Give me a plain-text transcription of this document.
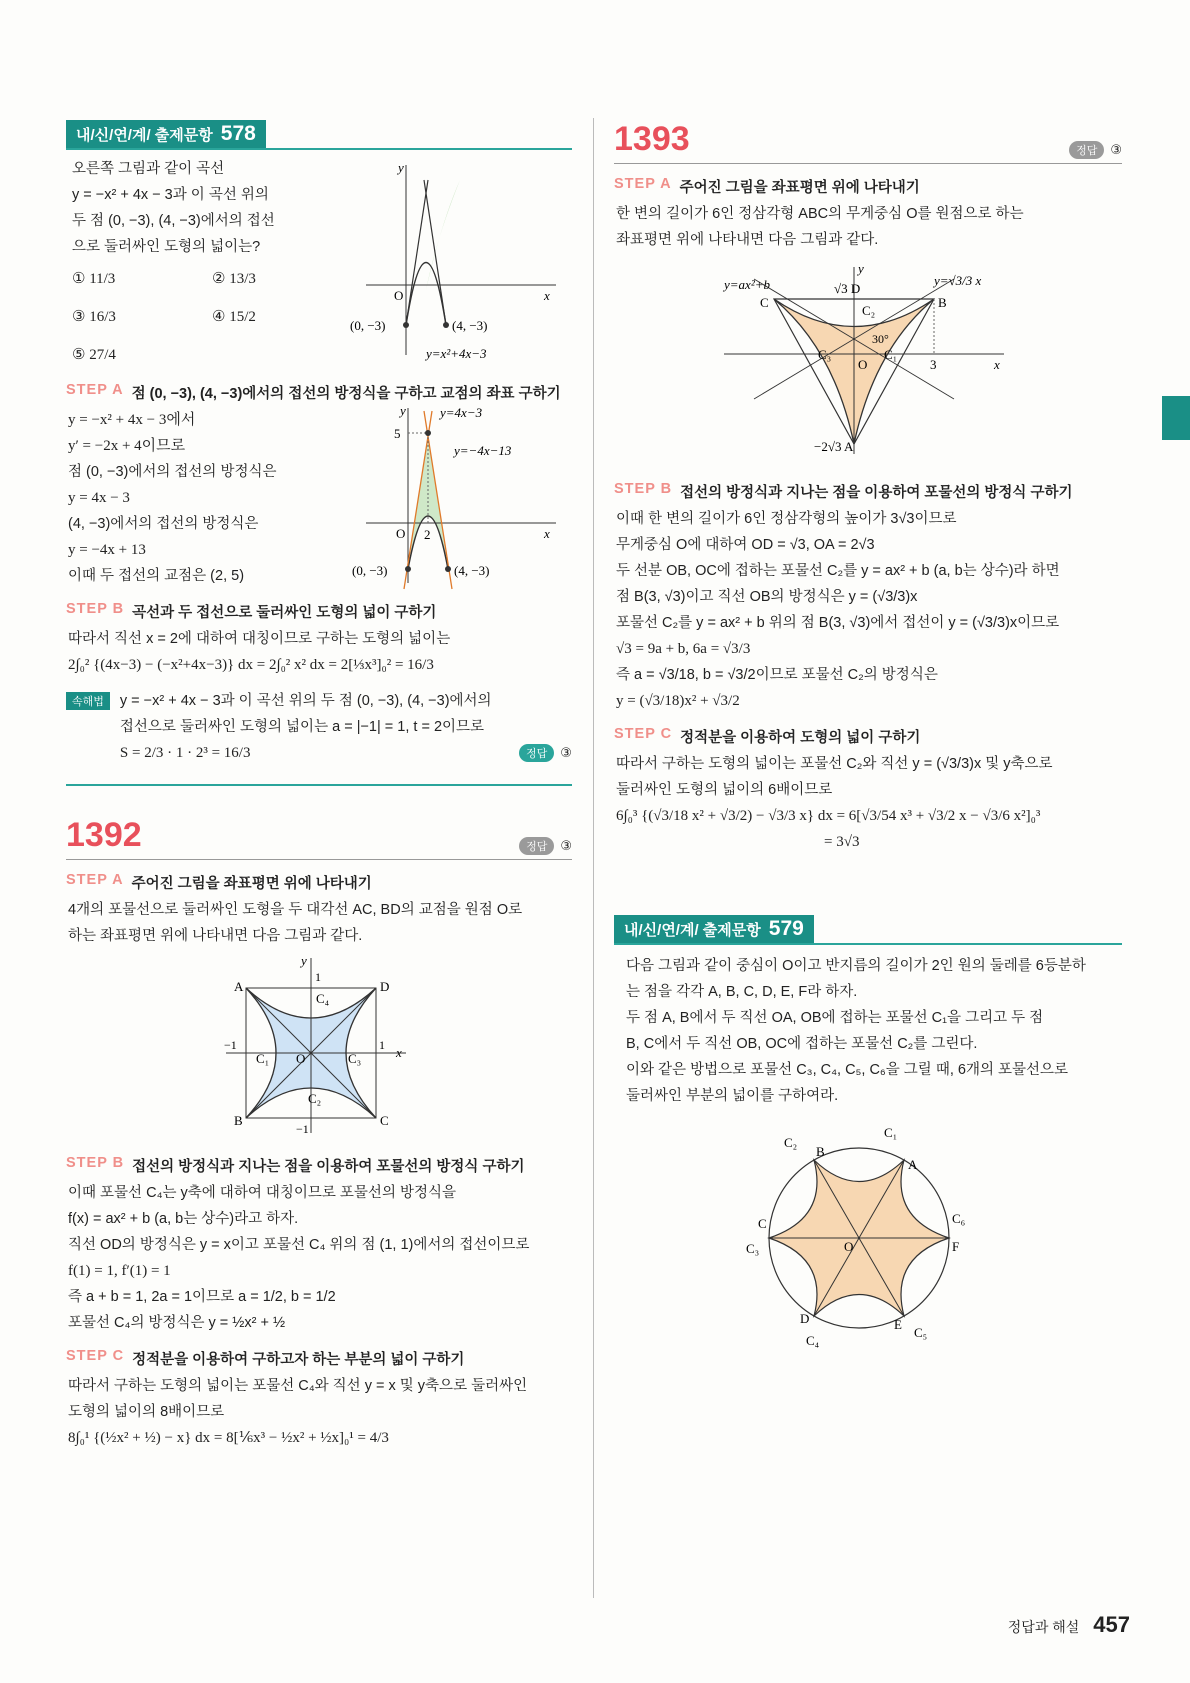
내/신/연/계/ 출제문항 578
오른쪽 그림과 같이 곡선
y = −x² + 4x − 3과 이 곡선 위의
두 점 (0, −3), (4, −3)에서의 접선
으로 둘러싸인 도형의 넓이는?
① 11/3	② 13/3
③ 16/3	④ 15/2
⑤ 27/4
y
x
O
(0, −3)	(4, −3)
y=x²+4x−3
STEP A 점 (0, −3), (4, −3)에서의 접선의 방정식을 구하고 교점의 좌표 구하기
y = −x² + 4x − 3에서
y′ = −2x + 4이므로
점 (0, −3)에서의 접선의 방정식은
y = 4x − 3
(4, −3)에서의 접선의 방정식은
y = −4x + 13
이때 두 접선의 교점은 (2, 5)
y
x
O
5
2
y=4x−3
y=−4x−13
(0, −3)	(4, −3)
STEP B 곡선과 두 접선으로 둘러싸인 도형의 넓이 구하기
따라서 직선 x = 2에 대하여 대칭이므로 구하는 도형의 넓이는
2∫₀² {(4x−3) − (−x²+4x−3)} dx = 2∫₀² x² dx = 2[⅓x³]₀² = 16/3
속해법	y = −x² + 4x − 3과 이 곡선 위의 두 점 (0, −3), (4, −3)에서의
접선으로 둘러싸인 도형의 넓이는 a = |−1| = 1, t = 2이므로
S = 2/3 · 1 · 2³ = 16/3	정답	③
1392	정답	③
STEP A 주어진 그림을 좌표평면 위에 나타내기
4개의 포물선으로 둘러싸인 도형을 두 대각선 AC, BD의 교점을 원점 O로
하는 좌표평면 위에 나타내면 다음 그림과 같다.
y
x
A
B	C
D
C₁
C₂
C₃
C₄
O
1
−1	1
−1
STEP B 접선의 방정식과 지나는 점을 이용하여 포물선의 방정식 구하기
이때 포물선 C₄는 y축에 대하여 대칭이므로 포물선의 방정식을
f(x) = ax² + b (a, b는 상수)라고 하자.
직선 OD의 방정식은 y = x이고 포물선 C₄ 위의 점 (1, 1)에서의 접선이므로
f(1) = 1, f′(1) = 1
즉 a + b = 1, 2a = 1이므로 a = 1/2, b = 1/2
포물선 C₄의 방정식은 y = ½x² + ½
STEP C 정적분을 이용하여 구하고자 하는 부분의 넓이 구하기
따라서 구하는 도형의 넓이는 포물선 C₄와 직선 y = x 및 y축으로 둘러싸인
도형의 넓이의 8배이므로
8∫₀¹ {(½x² + ½) − x} dx = 8[⅙x³ − ½x² + ½x]₀¹ = 4/3
1393	정답	③
STEP A 주어진 그림을 좌표평면 위에 나타내기
한 변의 길이가 6인 정삼각형 ABC의 무게중심 O를 원점으로 하는
좌표평면 위에 나타내면 다음 그림과 같다.
y
x
y=ax²+b	y=√3/3 x
√3 D
C	B
C₂
C₃	C₁
O
30°
3
−2√3 A
STEP B 접선의 방정식과 지나는 점을 이용하여 포물선의 방정식 구하기
이때 한 변의 길이가 6인 정삼각형의 높이가 3√3이므로
무게중심 O에 대하여 OD = √3, OA = 2√3
두 선분 OB, OC에 접하는 포물선 C₂를 y = ax² + b (a, b는 상수)라 하면
점 B(3, √3)이고 직선 OB의 방정식은 y = (√3/3)x
포물선 C₂를 y = ax² + b 위의 점 B(3, √3)에서 접선이 y = (√3/3)x이므로
√3 = 9a + b, 6a = √3/3
즉 a = √3/18, b = √3/2이므로 포물선 C₂의 방정식은
y = (√3/18)x² + √3/2
STEP C 정적분을 이용하여 도형의 넓이 구하기
따라서 구하는 도형의 넓이는 포물선 C₂와 직선 y = (√3/3)x 및 y축으로
둘러싸인 도형의 넓이의 6배이므로
6∫₀³ {(√3/18 x² + √3/2) − √3/3 x} dx = 6[√3/54 x³ + √3/2 x − √3/6 x²]₀³
= 3√3
내/신/연/계/ 출제문항 579
다음 그림과 같이 중심이 O이고 반지름의 길이가 2인 원의 둘레를 6등분하
는 점을 각각 A, B, C, D, E, F라 하자.
두 점 A, B에서 두 직선 OA, OB에 접하는 포물선 C₁을 그리고 두 점
B, C에서 두 직선 OB, OC에 접하는 포물선 C₂를 그린다.
이와 같은 방법으로 포물선 C₃, C₄, C₅, C₆을 그릴 때, 6개의 포물선으로
둘러싸인 부분의 넓이를 구하여라.
A
B
C
D	E
F
O
C₁
C₂
C₃
C₄
C₅
C₆
정답과 해설 457
